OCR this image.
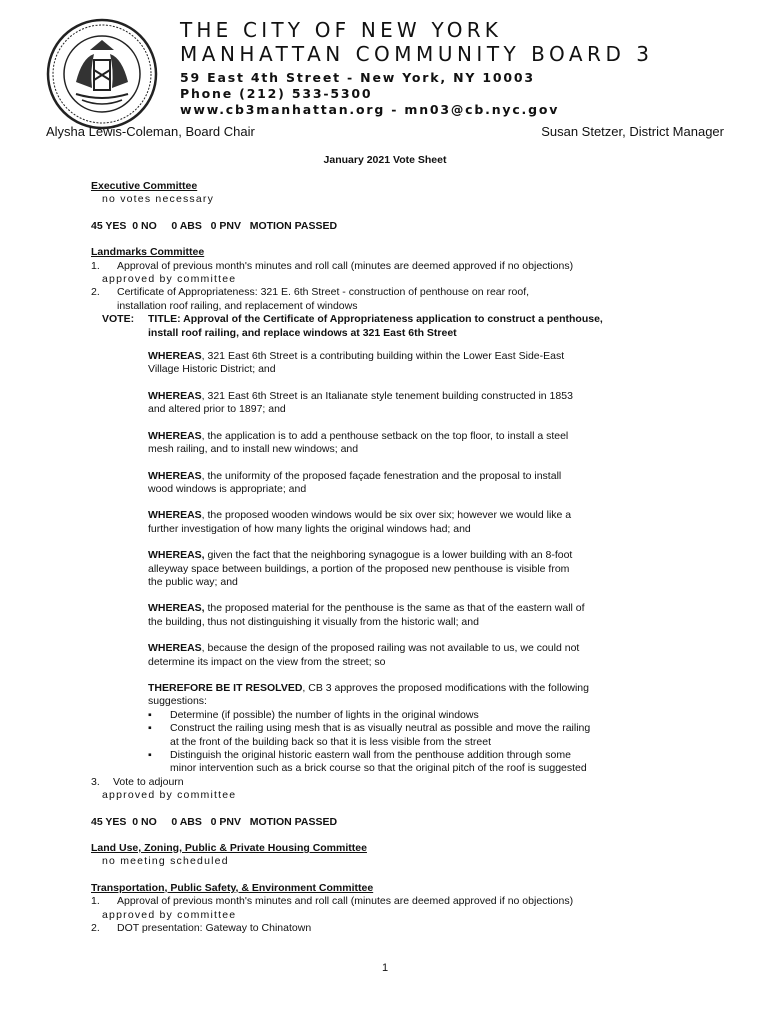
THE CITY OF NEW YORK
MANHATTAN COMMUNITY BOARD 3
59 East 4th Street - New York, NY 10003
Phone (212) 533-5300
www.cb3manhattan.org - mn03@cb.nyc.gov
Alysha Lewis-Coleman, Board Chair	Susan Stetzer, District Manager
January 2021 Vote Sheet
Executive Committee
no votes necessary
45 YES  0 NO     0 ABS   0 PNV   MOTION PASSED
Landmarks Committee
1. Approval of previous month's minutes and roll call (minutes are deemed approved if no objections)
approved by committee
2. Certificate of Appropriateness: 321 E. 6th Street - construction of penthouse on rear roof,
installation roof railing, and replacement of windows
VOTE: TITLE: Approval of the Certificate of Appropriateness application to construct a penthouse,
install roof railing, and replace windows at 321 East 6th Street
WHEREAS, 321 East 6th Street is a contributing building within the Lower East Side-East
Village Historic District; and
WHEREAS, 321 East 6th Street is an Italianate style tenement building constructed in 1853
and altered prior to 1897; and
WHEREAS, the application is to add a penthouse setback on the top floor, to install a steel
mesh railing, and to install new windows; and
WHEREAS, the uniformity of the proposed façade fenestration and the proposal to install
wood windows is appropriate; and
WHEREAS, the proposed wooden windows would be six over six; however we would like a
further investigation of how many lights the original windows had; and
WHEREAS, given the fact that the neighboring synagogue is a lower building with an 8-foot
alleyway space between buildings, a portion of the proposed new penthouse is visible from
the public way; and
WHEREAS, the proposed material for the penthouse is the same as that of the eastern wall of
the building, thus not distinguishing it visually from the historic wall; and
WHEREAS, because the design of the proposed railing was not available to us, we could not
determine its impact on the view from the street; so
THEREFORE BE IT RESOLVED, CB 3 approves the proposed modifications with the following
suggestions:
▪ Determine (if possible) the number of lights in the original windows
▪ Construct the railing using mesh that is as visually neutral as possible and move the railing
at the front of the building back so that it is less visible from the street
▪ Distinguish the original historic eastern wall from the penthouse addition through some
minor intervention such as a brick course so that the original pitch of the roof is suggested
3. Vote to adjourn
approved by committee
45 YES  0 NO     0 ABS   0 PNV   MOTION PASSED
Land Use, Zoning, Public & Private Housing Committee
no meeting scheduled
Transportation, Public Safety, & Environment Committee
1. Approval of previous month's minutes and roll call (minutes are deemed approved if no objections)
approved by committee
2. DOT presentation: Gateway to Chinatown
1
